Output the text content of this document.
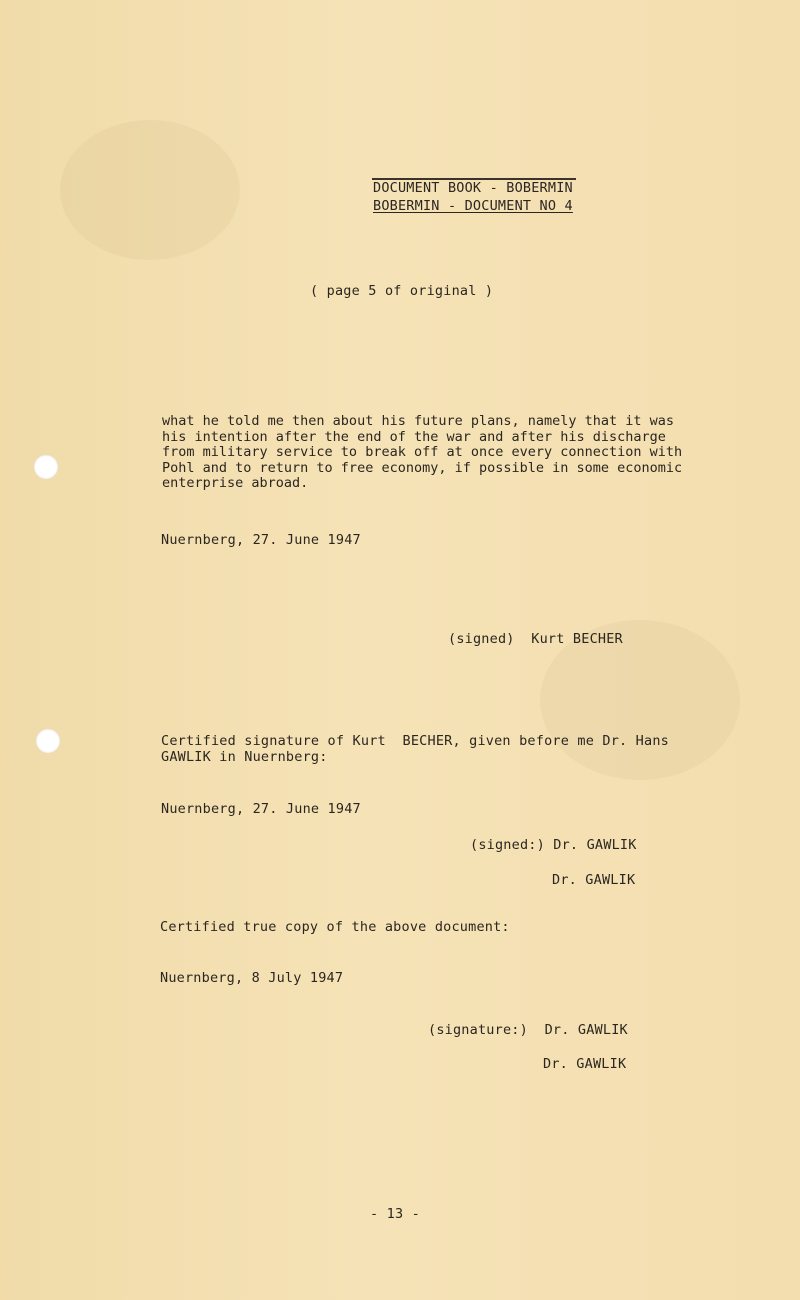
DOCUMENT BOOK - BOBERMIN
BOBERMIN - DOCUMENT NO 4
( page 5 of original )
what he told me then about his future plans, namely that it was
his intention after the end of the war and after his discharge
from military service to break off at once every connection with
Pohl and to return to free economy, if possible in some economic
enterprise abroad.
Nuernberg, 27. June 1947
(signed)  Kurt BECHER
Certified signature of Kurt  BECHER, given before me Dr. Hans
GAWLIK in Nuernberg:
Nuernberg, 27. June 1947
(signed:) Dr. GAWLIK
Dr. GAWLIK
Certified true copy of the above document:
Nuernberg, 8 July 1947
(signature:)  Dr. GAWLIK
Dr. GAWLIK
- 13 -
